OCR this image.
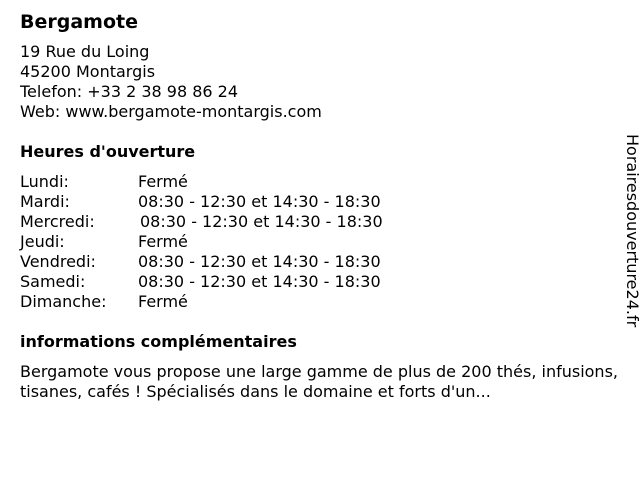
Bergamote
19 Rue du Loing
45200 Montargis
Telefon: +33 2 38 98 86 24
Web: www.bergamote-montargis.com
Heures d'ouverture
Lundi:	Fermé
Mardi:	08:30 - 12:30 et 14:30 - 18:30
Mercredi:	08:30 - 12:30 et 14:30 - 18:30
Jeudi:	Fermé
Vendredi:	08:30 - 12:30 et 14:30 - 18:30
Samedi:	08:30 - 12:30 et 14:30 - 18:30
Dimanche: Fermé
informations complémentaires
Bergamote vous propose une large gamme de plus de 200 thés, infusions, tisanes, cafés ! Spécialisés dans le domaine et forts d'un...
Horairesdouverture24.fr
